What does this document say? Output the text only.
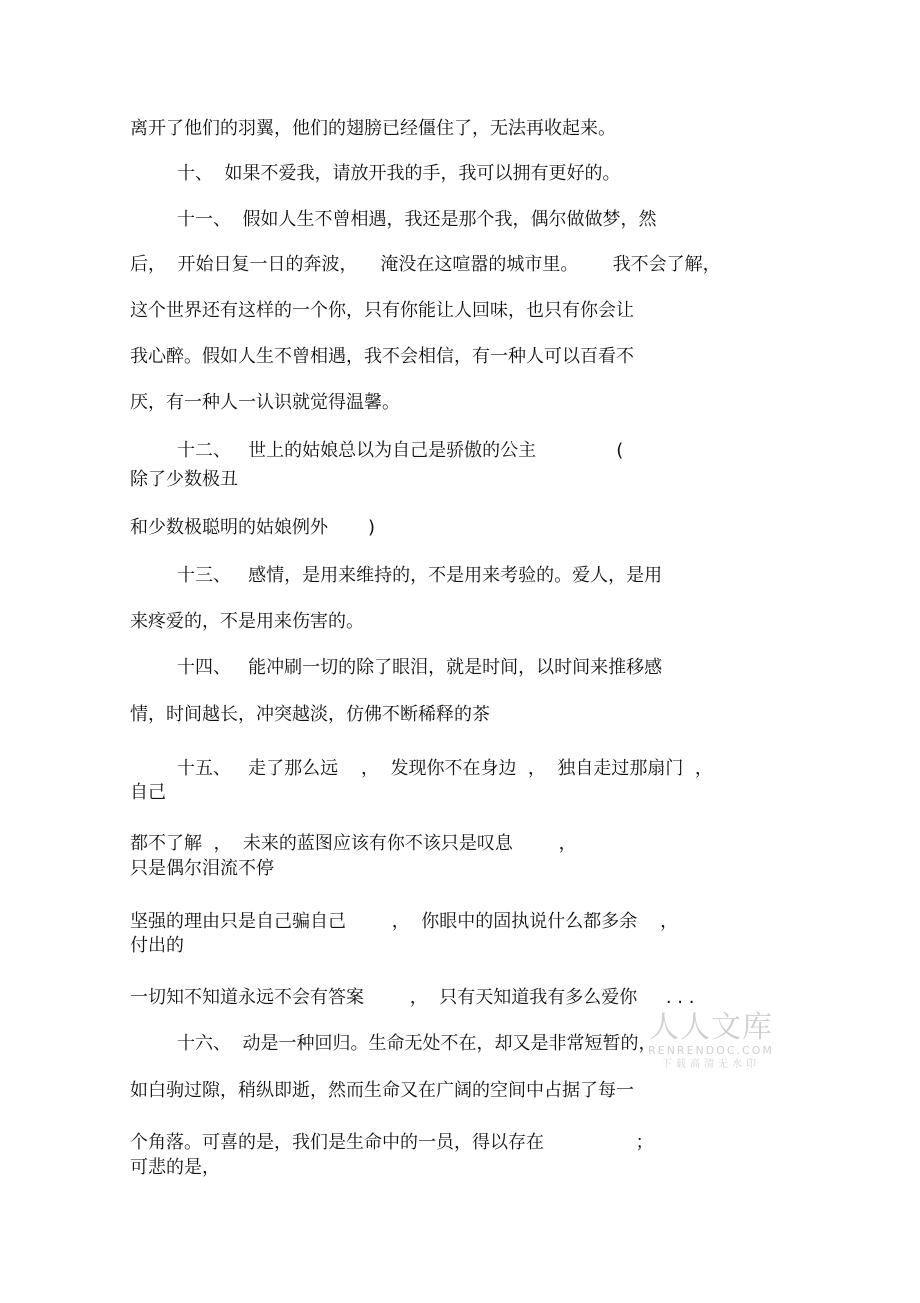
离开了他们的羽翼，他们的翅膀已经僵住了，无法再收起来。
十、  如果不爱我，请放开我的手，我可以拥有更好的。
十一、  假如人生不曾相遇，我还是那个我，偶尔做做梦，然
后，  开始日复一日的奔波，    淹没在这喧嚣的城市里。      我不会了解，
这个世界还有这样的一个你，只有你能让人回味，也只有你会让
我心醉。假如人生不曾相遇，我不会相信，有一种人可以百看不
厌，有一种人一认识就觉得温馨。
十二、   世上的姑娘总以为自己是骄傲的公主              (
除了少数极丑
和少数极聪明的姑娘例外       )
十三、   感情，是用来维持的，不是用来考验的。爱人，是用
来疼爱的，不是用来伤害的。
十四、   能冲刷一切的除了眼泪，就是时间，以时间来推移感
情，时间越长，冲突越淡，仿佛不断稀释的茶
十五、   走了那么远    ，  发现你不在身边  ，  独自走过那扇门  ，
自己
都不了解  ，  未来的蓝图应该有你不该只是叹息        ，
只是偶尔泪流不停
坚强的理由只是自己骗自己        ，  你眼中的固执说什么都多余    ，
付出的
一切知不知道永远不会有答案        ，  只有天知道我有多么爱你     . . .
十六、  动是一种回归。生命无处不在，却又是非常短暂的，
如白驹过隙，稍纵即逝，然而生命又在广阔的空间中占据了每一
个角落。可喜的是，我们是生命中的一员，得以存在                ；
可悲的是，
人人文库
RENRENDOC.COM
下载高清无水印
